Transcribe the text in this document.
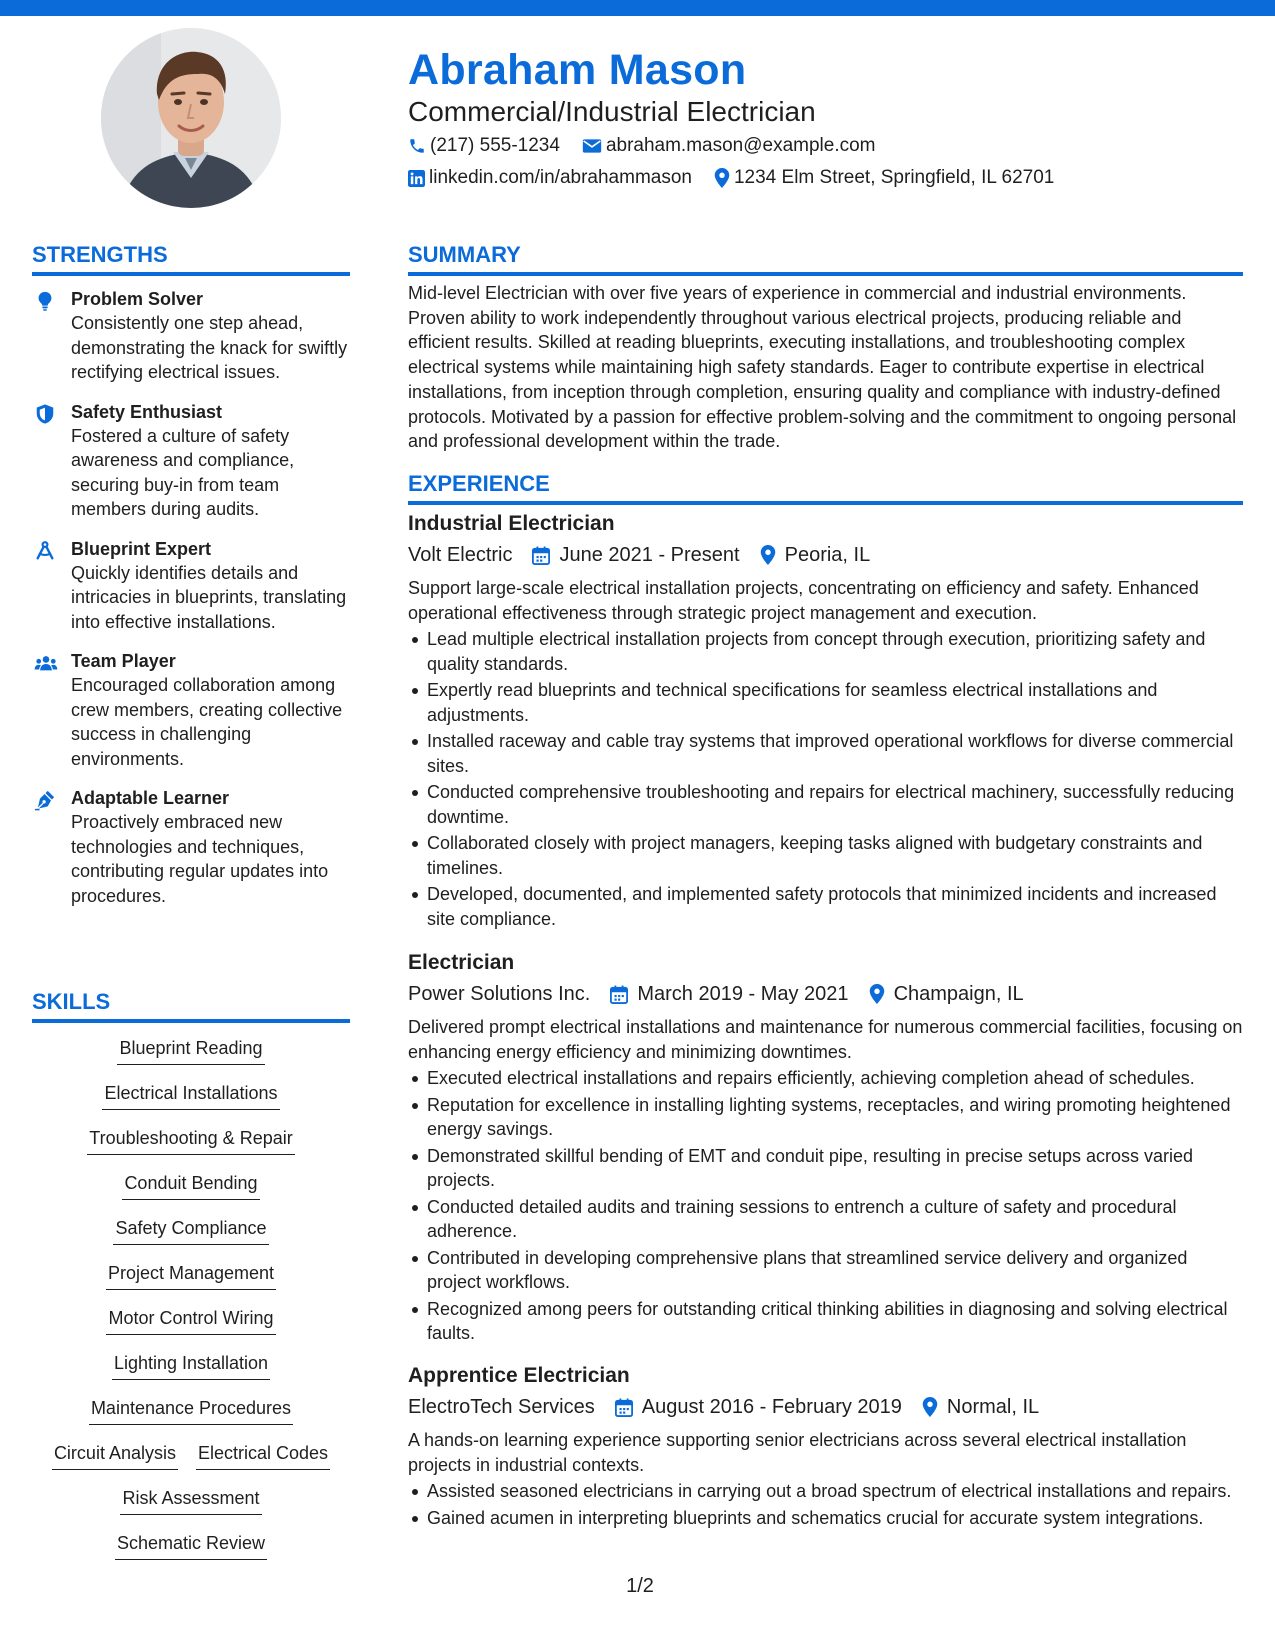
Abraham Mason
Commercial/Industrial Electrician
(217) 555-1234 abraham.mason@example.com
linkedin.com/in/abrahammason 1234 Elm Street, Springfield, IL 62701
STRENGTHS
Problem Solver
Consistently one step ahead, demonstrating the knack for swiftly rectifying electrical issues.
Safety Enthusiast
Fostered a culture of safety awareness and compliance, securing buy-in from team members during audits.
Blueprint Expert
Quickly identifies details and intricacies in blueprints, translating into effective installations.
Team Player
Encouraged collaboration among crew members, creating collective success in challenging environments.
Adaptable Learner
Proactively embraced new technologies and techniques, contributing regular updates into procedures.
SKILLS
Blueprint Reading
Electrical Installations
Troubleshooting & Repair
Conduit Bending
Safety Compliance
Project Management
Motor Control Wiring
Lighting Installation
Maintenance Procedures
Circuit Analysis Electrical Codes
Risk Assessment
Schematic Review
SUMMARY

Mid-level Electrician with over five years of experience in commercial and industrial environments. Proven ability to work independently throughout various electrical projects, producing reliable and efficient results. Skilled at reading blueprints, executing installations, and troubleshooting complex electrical systems while maintaining high safety standards. Eager to contribute expertise in electrical installations, from inception through completion, ensuring quality and compliance with industry-defined protocols. Motivated by a passion for effective problem-solving and the commitment to ongoing personal and professional development within the trade.

EXPERIENCE
Industrial Electrician
Volt Electric June 2021 - Present Peoria, IL
Support large-scale electrical installation projects, concentrating on efficiency and safety. Enhanced operational effectiveness through strategic project management and execution.
Lead multiple electrical installation projects from concept through execution, prioritizing safety and quality standards.
Expertly read blueprints and technical specifications for seamless electrical installations and adjustments.
Installed raceway and cable tray systems that improved operational workflows for diverse commercial sites.
Conducted comprehensive troubleshooting and repairs for electrical machinery, successfully reducing downtime.
Collaborated closely with project managers, keeping tasks aligned with budgetary constraints and timelines.
Developed, documented, and implemented safety protocols that minimized incidents and increased site compliance.
Electrician
Power Solutions Inc. March 2019 - May 2021 Champaign, IL
Delivered prompt electrical installations and maintenance for numerous commercial facilities, focusing on enhancing energy efficiency and minimizing downtimes.
Executed electrical installations and repairs efficiently, achieving completion ahead of schedules.
Reputation for excellence in installing lighting systems, receptacles, and wiring promoting heightened energy savings.
Demonstrated skillful bending of EMT and conduit pipe, resulting in precise setups across varied projects.
Conducted detailed audits and training sessions to entrench a culture of safety and procedural adherence.
Contributed in developing comprehensive plans that streamlined service delivery and organized project workflows.
Recognized among peers for outstanding critical thinking abilities in diagnosing and solving electrical faults.
Apprentice Electrician
ElectroTech Services August 2016 - February 2019 Normal, IL
A hands-on learning experience supporting senior electricians across several electrical installation projects in industrial contexts.
Assisted seasoned electricians in carrying out a broad spectrum of electrical installations and repairs.
Gained acumen in interpreting blueprints and schematics crucial for accurate system integrations.
1/2
